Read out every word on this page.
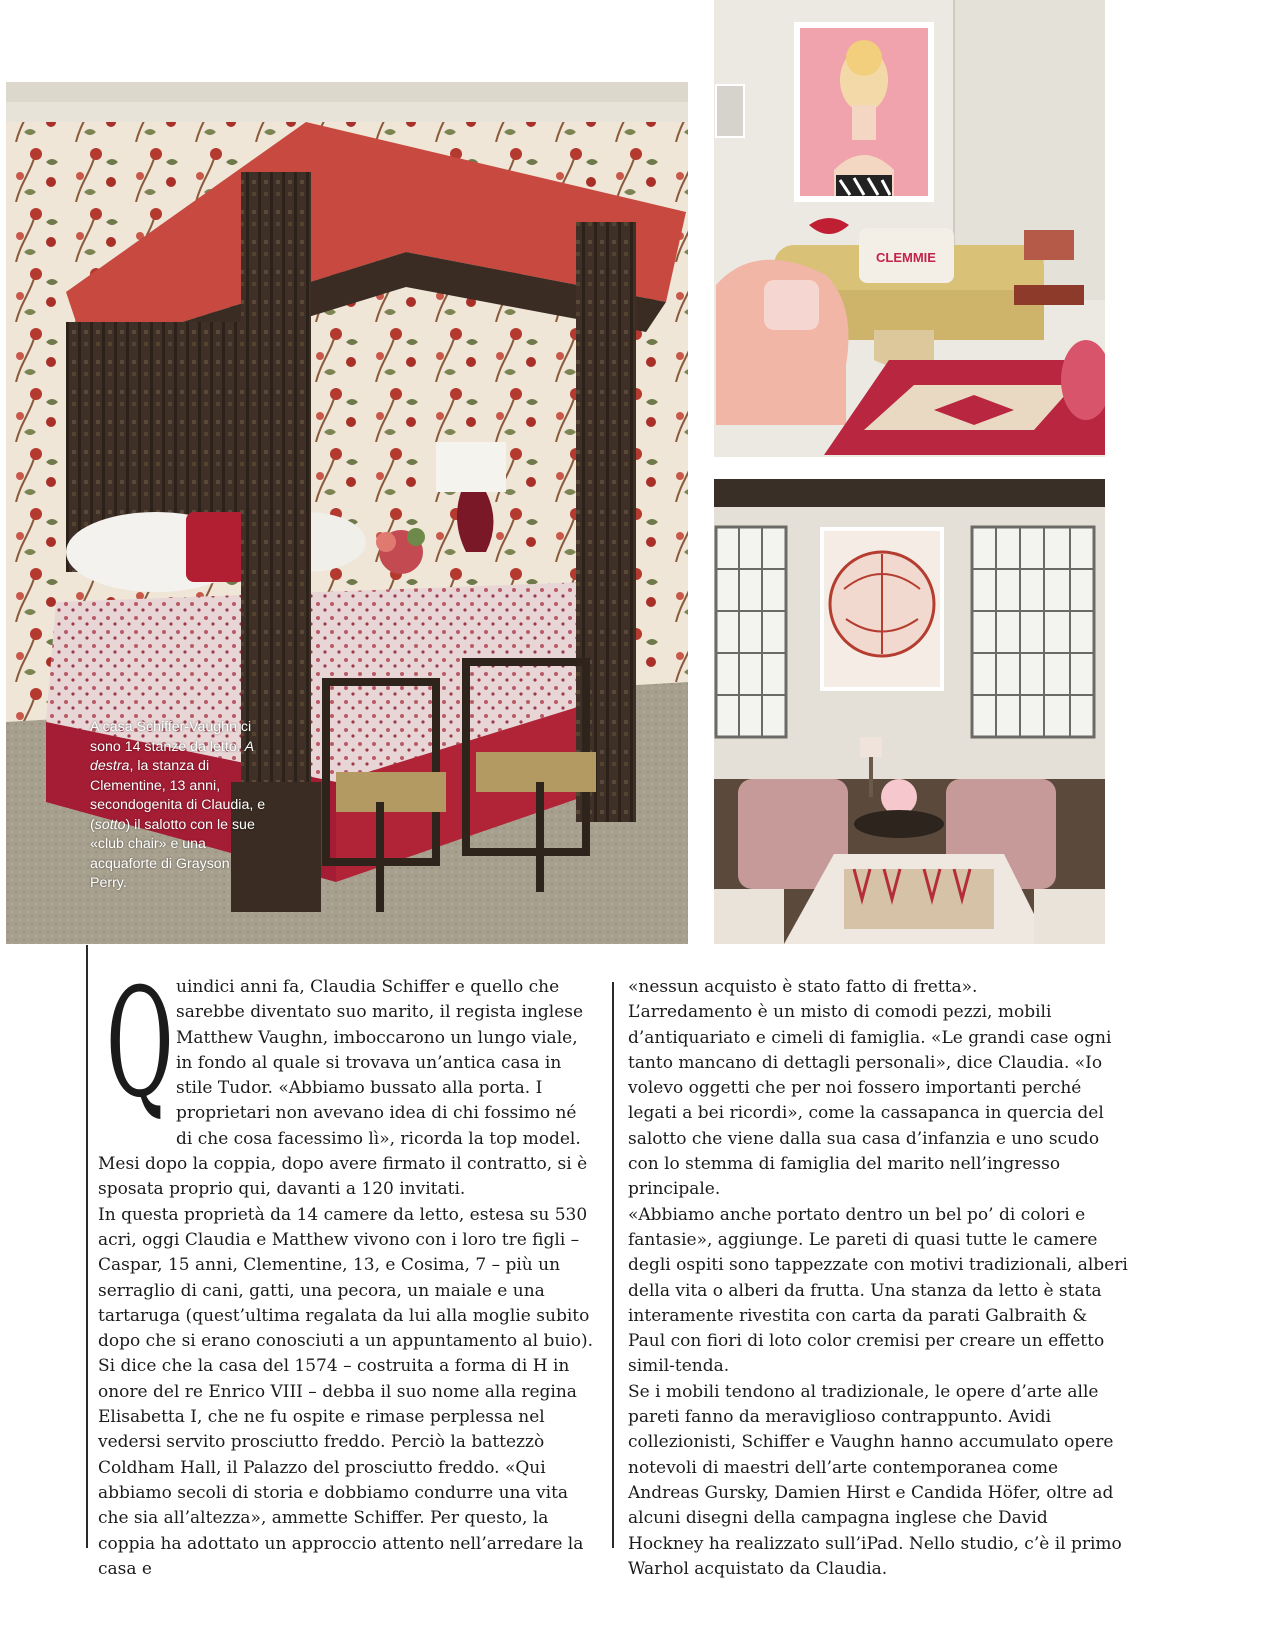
A casa Schiffer-Vaughn ci sono 14 stanze da letto. A destra, la stanza di Clementine, 13 anni, secondogenita di Claudia, e (sotto) il salotto con le sue «club chair» e una acquaforte di Grayson Perry.

CLEMMIE
Q uindici anni fa, Claudia Schiffer e quello che sarebbe diventato suo marito, il regista inglese Matthew Vaughn, imboccarono un lungo viale, in fondo al quale si trovava un’antica casa in stile Tudor. «Abbiamo bussato alla porta. I proprietari non avevano idea di chi fossimo né di che cosa facessimo lì», ricorda la top model. Mesi dopo la coppia, dopo avere firmato il contratto, si è sposata proprio qui, davanti a 120 invitati.

In questa proprietà da 14 camere da letto, estesa su 530 acri, oggi Claudia e Matthew vivono con i loro tre figli – Caspar, 15 anni, Clementine, 13, e Cosima, 7 – più un serraglio di cani, gatti, una pecora, un maiale e una tartaruga (quest’ultima regalata da lui alla moglie subito dopo che si erano conosciuti a un appuntamento al buio).

Si dice che la casa del 1574 – costruita a forma di H in onore del re Enrico VIII – debba il suo nome alla regina Elisabetta I, che ne fu ospite e rimase perplessa nel vedersi servito prosciutto freddo. Perciò la battezzò Coldham Hall, il Palazzo del prosciutto freddo. «Qui abbiamo secoli di storia e dobbiamo condurre una vita che sia all’altezza», ammette Schiffer. Per questo, la coppia ha adottato un approccio attento nell’arredare la casa e

«nessun acquisto è stato fatto di fretta».

L’arredamento è un misto di comodi pezzi, mobili d’antiquariato e cimeli di famiglia. «Le grandi case ogni tanto mancano di dettagli personali», dice Claudia. «Io volevo oggetti che per noi fossero importanti perché legati a bei ricordi», come la cassapanca in quercia del salotto che viene dalla sua casa d’infanzia e uno scudo con lo stemma di famiglia del marito nell’ingresso principale.

«Abbiamo anche portato dentro un bel po’ di colori e fantasie», aggiunge. Le pareti di quasi tutte le camere degli ospiti sono tappezzate con motivi tradizionali, alberi della vita o alberi da frutta. Una stanza da letto è stata interamente rivestita con carta da parati Galbraith & Paul con fiori di loto color cremisi per creare un effetto simil-tenda.

Se i mobili tendono al tradizionale, le opere d’arte alle pareti fanno da meraviglioso contrappunto. Avidi collezionisti, Schiffer e Vaughn hanno accumulato opere notevoli di maestri dell’arte contemporanea come Andreas Gursky, Damien Hirst e Candida Höfer, oltre ad alcuni disegni della campagna inglese che David Hockney ha realizzato sull’iPad. Nello studio, c’è il primo Warhol acquistato da Claudia.
